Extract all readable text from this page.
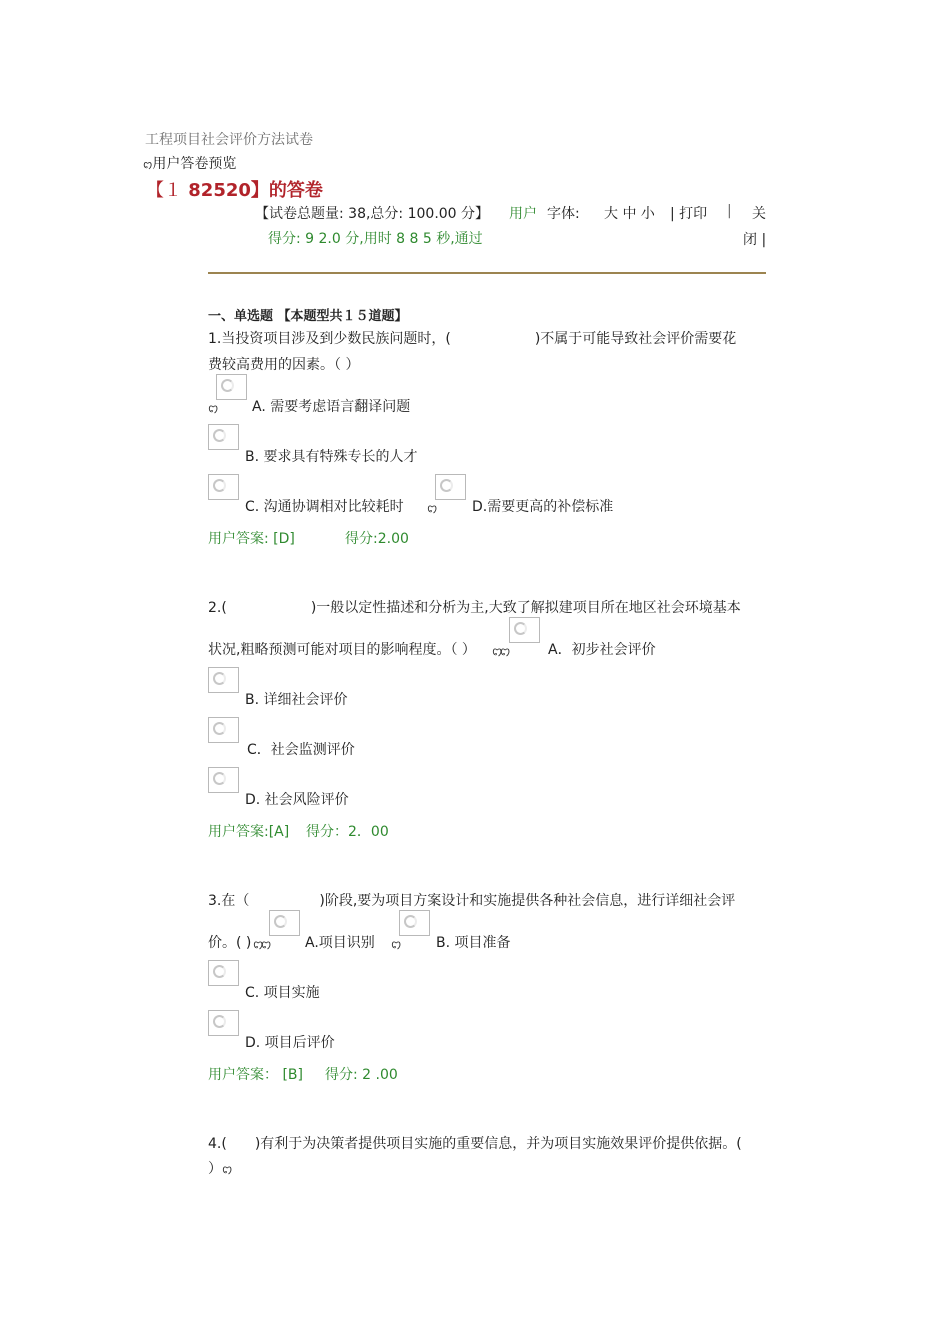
工程项目社会评价方法试卷
ꩊ用户答卷预览
【１ 82520】的答卷
【试卷总题量: 38,总分: 100.00 分】 用户 字体: 大 中 小 | 打印 | 关
得分: 9 2.0 分,用时 8 8 5 秒,通过	闭 |
一、单选题 【本题型共１５道题】
1.当投资项目涉及到少数民族问题时，(　　　　　　)不属于可能导致社会评价需要花
费较高费用的因素。（ ）
ꩊ A. 需要考虑语言翻译问题
B. 要求具有特殊专长的人才
C. 沟通协调相对比较耗时 ꩊ D.需要更高的补偿标准
用户答案: [D]	得分:2.00
2.(　　　　　　)一般以定性描述和分析为主,大致了解拟建项目所在地区社会环境基本
状况,粗略预测可能对项目的影响程度。（ ） ꩊ
ꩊ	A．初步社会评价
B. 详细社会评价
C．社会监测评价
D. 社会风险评价
用户答案:[A] 得分：2．00
3.在（　　　　　)阶段,要为项目方案设计和实施提供各种社会信息，进行详细社会评
价。( ) ꩊ
ꩊ A.项目识别 ꩊ B. 项目准备
C. 项目实施
D. 项目后评价
用户答案： [B] 得分: 2 .00
4.(　　)有利于为决策者提供项目实施的重要信息，并为项目实施效果评价提供依据。(
） ꩊ
